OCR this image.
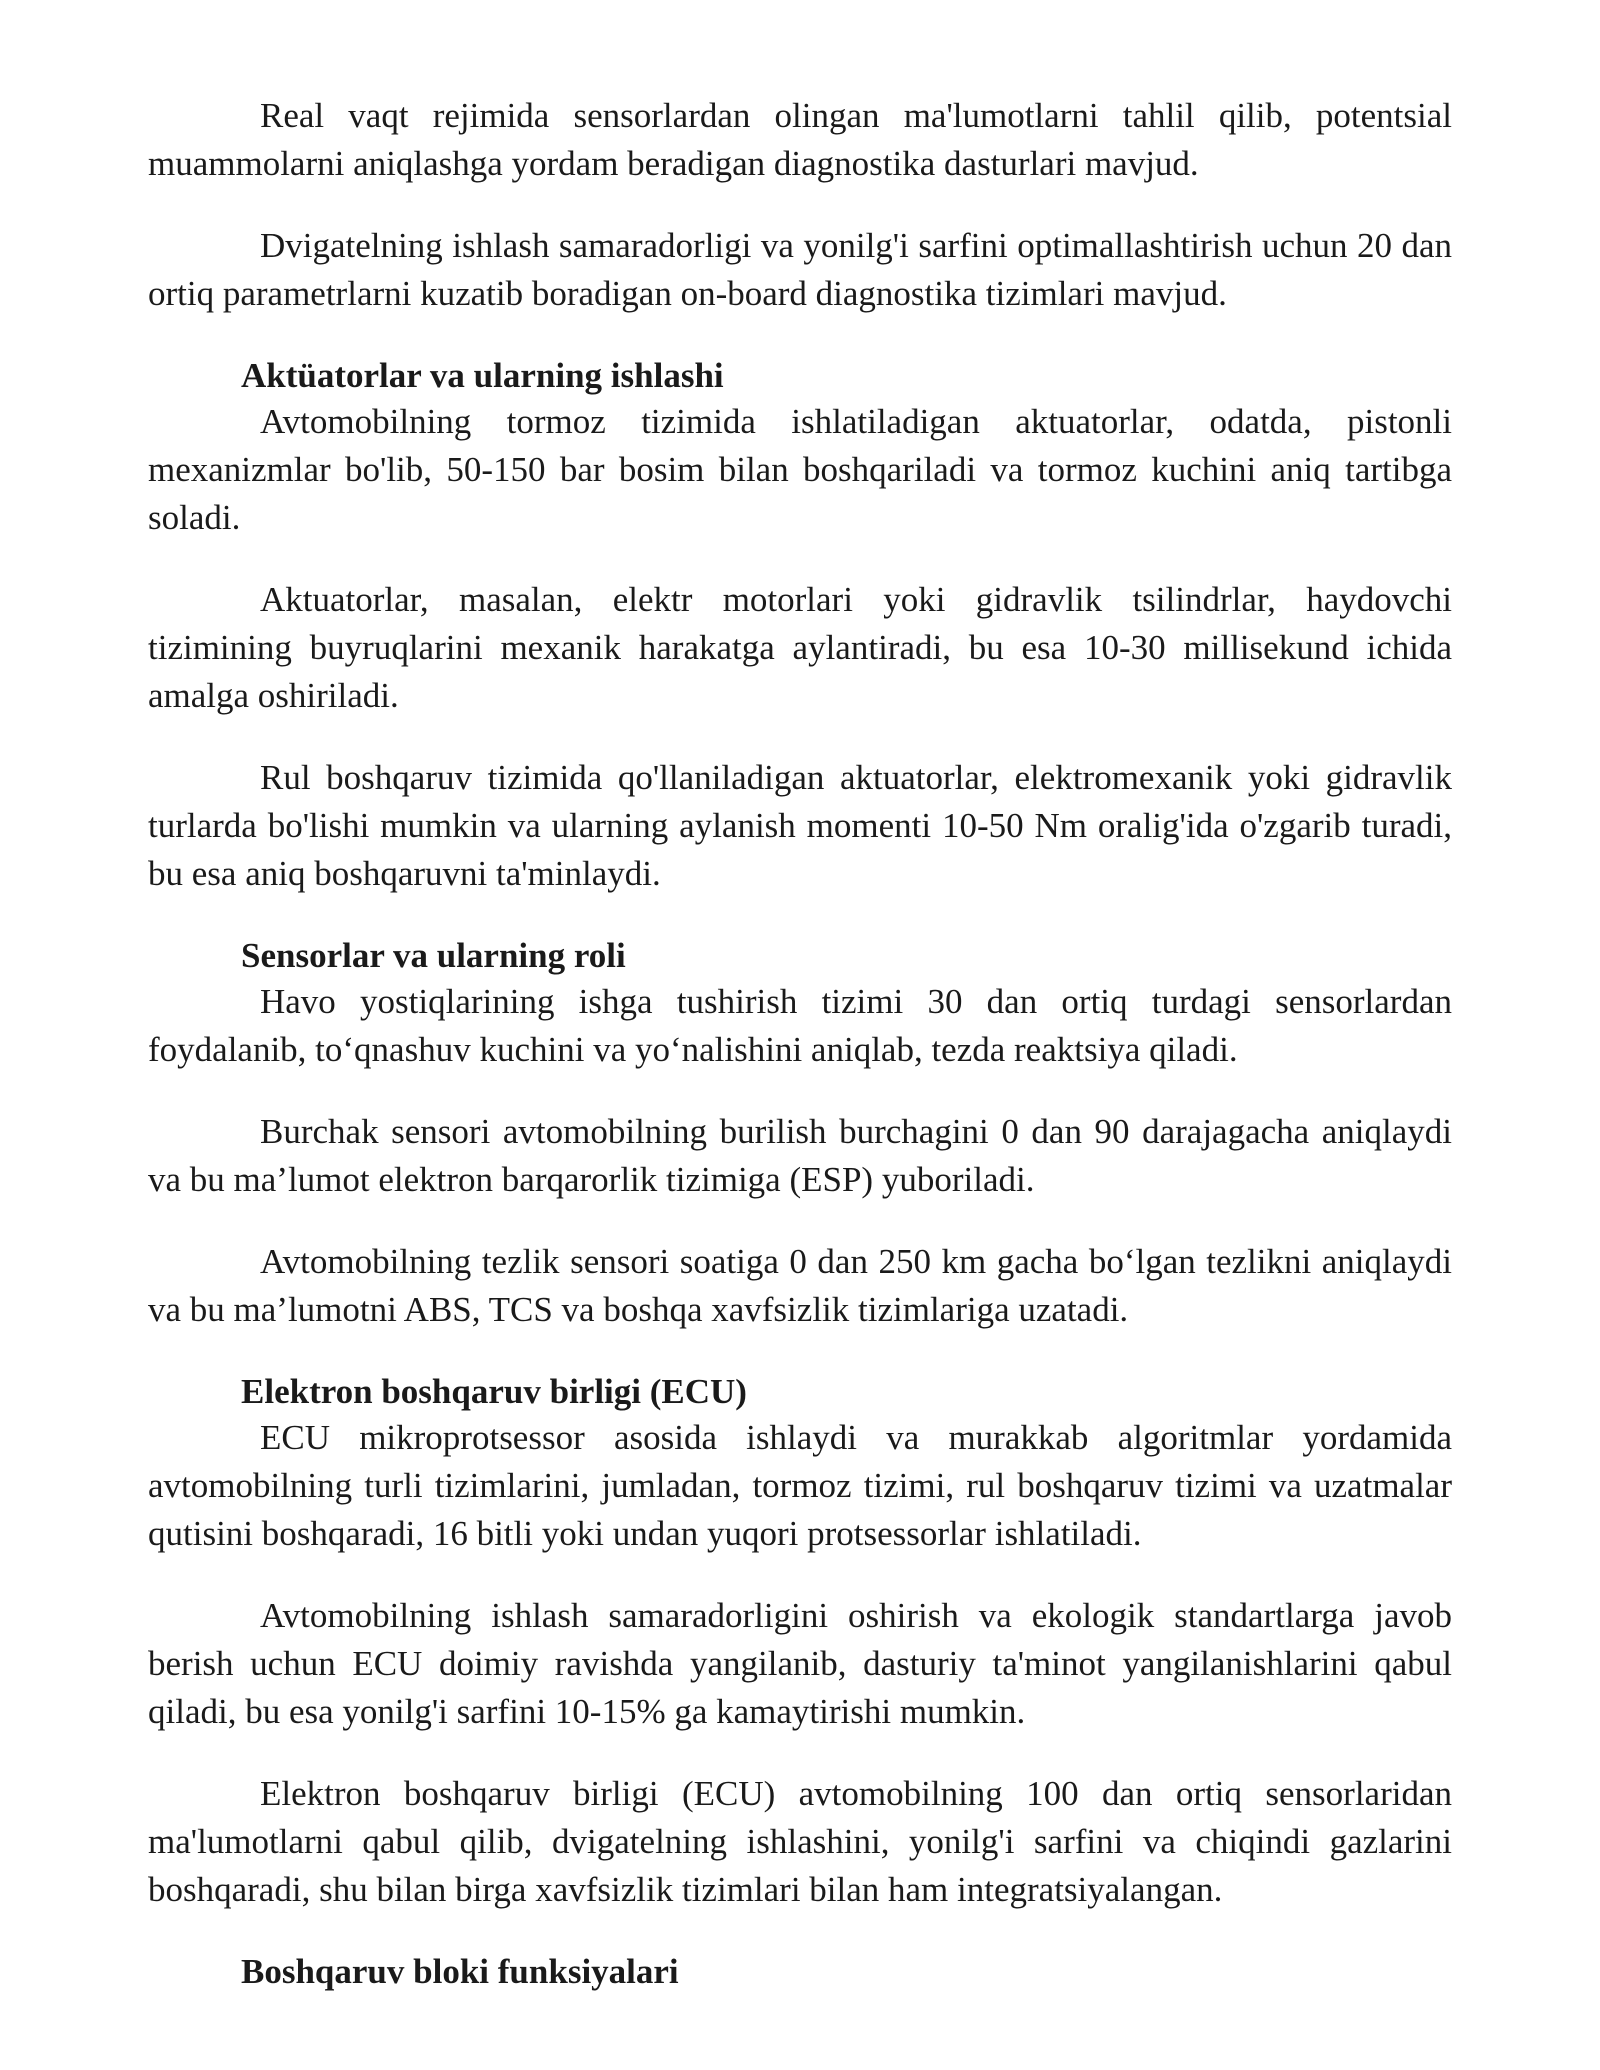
Real vaqt rejimida sensorlardan olingan ma'lumotlarni tahlil qilib, potentsial muammolarni aniqlashga yordam beradigan diagnostika dasturlari mavjud.

Dvigatelning ishlash samaradorligi va yonilg'i sarfini optimallashtirish uchun 20 dan ortiq parametrlarni kuzatib boradigan on-board diagnostika tizimlari mavjud.

Aktüatorlar va ularning ishlashi

Avtomobilning tormoz tizimida ishlatiladigan aktuatorlar, odatda, pistonli mexanizmlar bo'lib, 50-150 bar bosim bilan boshqariladi va tormoz kuchini aniq tartibga soladi.

Aktuatorlar, masalan, elektr motorlari yoki gidravlik tsilindrlar, haydovchi tizimining buyruqlarini mexanik harakatga aylantiradi, bu esa 10-30 millisekund ichida amalga oshiriladi.

Rul boshqaruv tizimida qo'llaniladigan aktuatorlar, elektromexanik yoki gidravlik turlarda bo'lishi mumkin va ularning aylanish momenti 10-50 Nm oralig'ida o'zgarib turadi, bu esa aniq boshqaruvni ta'minlaydi.

Sensorlar va ularning roli

Havo yostiqlarining ishga tushirish tizimi 30 dan ortiq turdagi sensorlardan foydalanib, to‘qnashuv kuchini va yo‘nalishini aniqlab, tezda reaktsiya qiladi.

Burchak sensori avtomobilning burilish burchagini 0 dan 90 darajagacha aniqlaydi va bu ma’lumot elektron barqarorlik tizimiga (ESP) yuboriladi.

Avtomobilning tezlik sensori soatiga 0 dan 250 km gacha bo‘lgan tezlikni aniqlaydi va bu ma’lumotni ABS, TCS va boshqa xavfsizlik tizimlariga uzatadi.

Elektron boshqaruv birligi (ECU)

ECU mikroprotsessor asosida ishlaydi va murakkab algoritmlar yordamida avtomobilning turli tizimlarini, jumladan, tormoz tizimi, rul boshqaruv tizimi va uzatmalar qutisini boshqaradi, 16 bitli yoki undan yuqori protsessorlar ishlatiladi.

Avtomobilning ishlash samaradorligini oshirish va ekologik standartlarga javob berish uchun ECU doimiy ravishda yangilanib, dasturiy ta'minot yangilanishlarini qabul qiladi, bu esa yonilg'i sarfini 10-15% ga kamaytirishi mumkin.

Elektron boshqaruv birligi (ECU) avtomobilning 100 dan ortiq sensorlaridan ma'lumotlarni qabul qilib, dvigatelning ishlashini, yonilg'i sarfini va chiqindi gazlarini boshqaradi, shu bilan birga xavfsizlik tizimlari bilan ham integratsiyalangan.

Boshqaruv bloki funksiyalari
